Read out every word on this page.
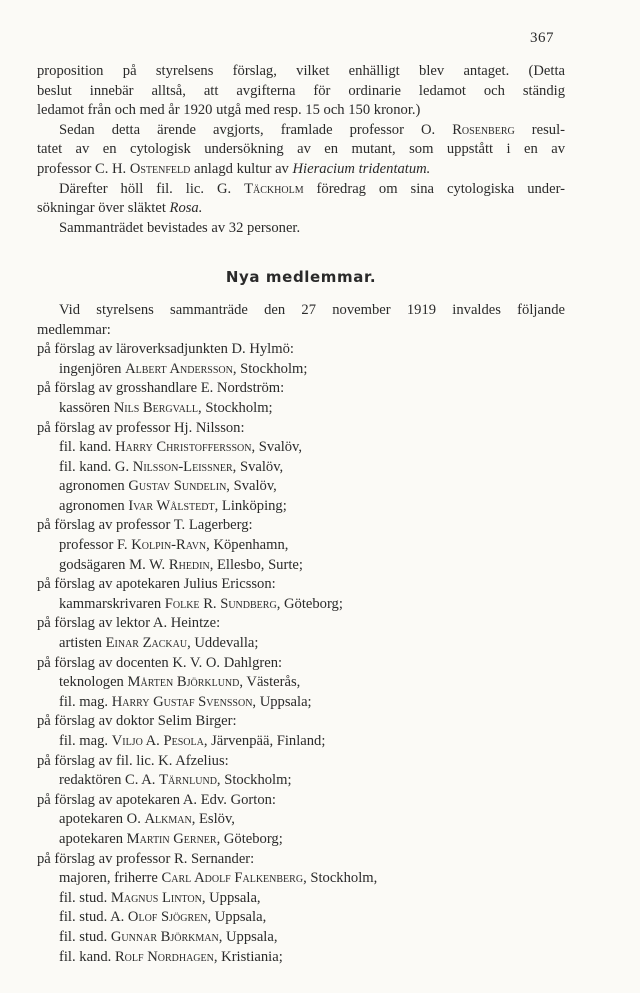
367

proposition på styrelsens förslag, vilket enhälligt blev antaget. (Detta

beslut innebär alltså, att avgifterna för ordinarie ledamot och ständig

ledamot från och med år 1920 utgå med resp. 15 och 150 kronor.)

Sedan detta ärende avgjorts, framlade professor O. Rosenberg resul-

tatet av en cytologisk undersökning av en mutant, som uppstått i en av

professor C. H. Ostenfeld anlagd kultur av Hieracium tridentatum.

Därefter höll fil. lic. G. Täckholm föredrag om sina cytologiska under-

sökningar över släktet Rosa.

Sammanträdet bevistades av 32 personer.

Nya medlemmar.

Vid styrelsens sammanträde den 27 november 1919 invaldes följande

medlemmar:

på förslag av läroverksadjunkten D. Hylmö:
ingenjören Albert Andersson, Stockholm;
på förslag av grosshandlare E. Nordström:
kassören Nils Bergvall, Stockholm;
på förslag av professor Hj. Nilsson:
fil. kand. Harry Christoffersson, Svalöv,
fil. kand. G. Nilsson-Leissner, Svalöv,
agronomen Gustav Sundelin, Svalöv,
agronomen Ivar Wålstedt, Linköping;
på förslag av professor T. Lagerberg:
professor F. Kolpin-Ravn, Köpenhamn,
godsägaren M. W. Rhedin, Ellesbo, Surte;
på förslag av apotekaren Julius Ericsson:
kammarskrivaren Folke R. Sundberg, Göteborg;
på förslag av lektor A. Heintze:
artisten Einar Zackau, Uddevalla;
på förslag av docenten K. V. O. Dahlgren:
teknologen Mårten Björklund, Västerås,
fil. mag. Harry Gustaf Svensson, Uppsala;
på förslag av doktor Selim Birger:
fil. mag. Viljo A. Pesola, Järvenpää, Finland;
på förslag av fil. lic. K. Afzelius:
redaktören C. A. Tärnlund, Stockholm;
på förslag av apotekaren A. Edv. Gorton:
apotekaren O. Alkman, Eslöv,
apotekaren Martin Gerner, Göteborg;
på förslag av professor R. Sernander:
majoren, friherre Carl Adolf Falkenberg, Stockholm,
fil. stud. Magnus Linton, Uppsala,
fil. stud. A. Olof Sjögren, Uppsala,
fil. stud. Gunnar Björkman, Uppsala,
fil. kand. Rolf Nordhagen, Kristiania;
